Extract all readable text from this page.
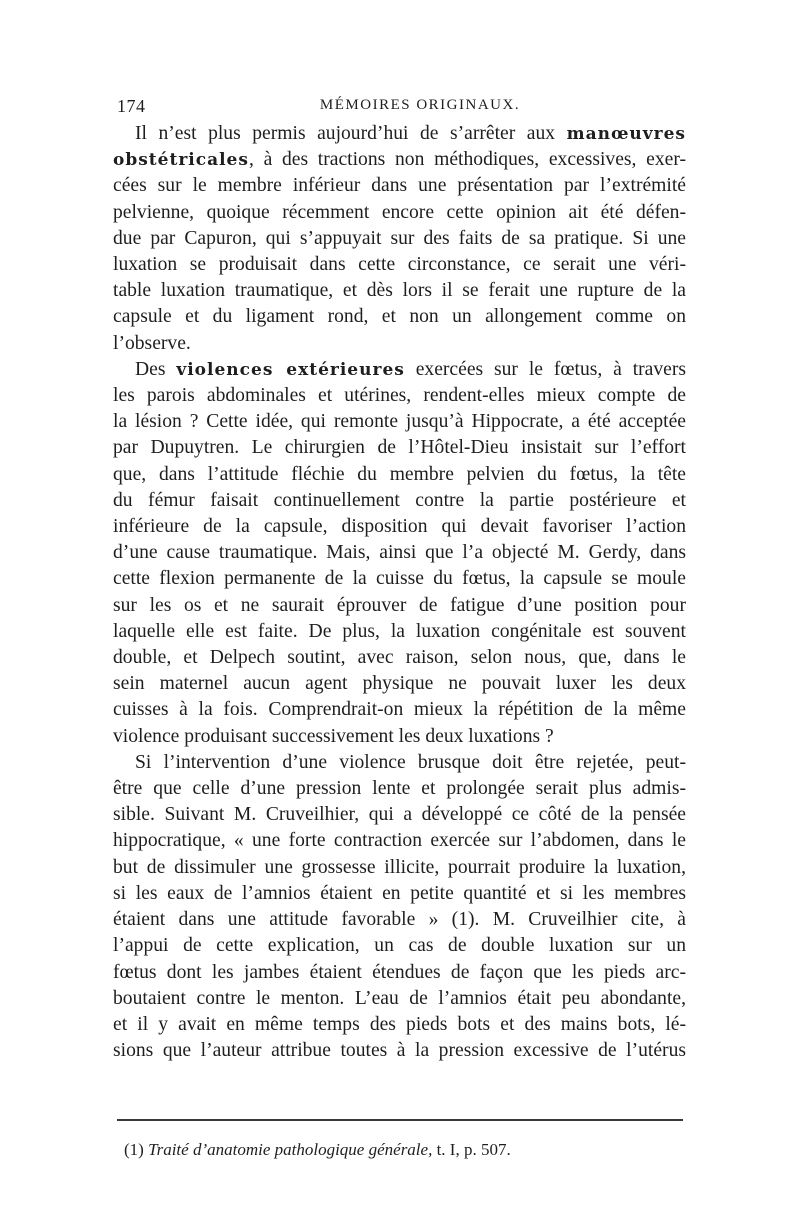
174	MÉMOIRES ORIGINAUX.
Il n’est plus permis aujourd’hui de s’arrêter aux manœuvres
obstétricales, à des tractions non méthodiques, excessives, exer-
cées sur le membre inférieur dans une présentation par l’extrémité
pelvienne, quoique récemment encore cette opinion ait été défen-
due par Capuron, qui s’appuyait sur des faits de sa pratique. Si une
luxation se produisait dans cette circonstance, ce serait une véri-
table luxation traumatique, et dès lors il se ferait une rupture de la
capsule et du ligament rond, et non un allongement comme on
l’observe.
Des violences extérieures exercées sur le fœtus, à travers
les parois abdominales et utérines, rendent-elles mieux compte de
la lésion ? Cette idée, qui remonte jusqu’à Hippocrate, a été acceptée
par Dupuytren. Le chirurgien de l’Hôtel-Dieu insistait sur l’effort
que, dans l’attitude fléchie du membre pelvien du fœtus, la tête
du fémur faisait continuellement contre la partie postérieure et
inférieure de la capsule, disposition qui devait favoriser l’action
d’une cause traumatique. Mais, ainsi que l’a objecté M. Gerdy, dans
cette flexion permanente de la cuisse du fœtus, la capsule se moule
sur les os et ne saurait éprouver de fatigue d’une position pour
laquelle elle est faite. De plus, la luxation congénitale est souvent
double, et Delpech soutint, avec raison, selon nous, que, dans le
sein maternel aucun agent physique ne pouvait luxer les deux
cuisses à la fois. Comprendrait-on mieux la répétition de la même
violence produisant successivement les deux luxations ?
Si l’intervention d’une violence brusque doit être rejetée, peut-
être que celle d’une pression lente et prolongée serait plus admis-
sible. Suivant M. Cruveilhier, qui a développé ce côté de la pensée
hippocratique, « une forte contraction exercée sur l’abdomen, dans le
but de dissimuler une grossesse illicite, pourrait produire la luxation,
si les eaux de l’amnios étaient en petite quantité et si les membres
étaient dans une attitude favorable » (1). M. Cruveilhier cite, à
l’appui de cette explication, un cas de double luxation sur un
fœtus dont les jambes étaient étendues de façon que les pieds arc-
boutaient contre le menton. L’eau de l’amnios était peu abondante,
et il y avait en même temps des pieds bots et des mains bots, lé-
sions que l’auteur attribue toutes à la pression excessive de l’utérus
(1) Traité d’anatomie pathologique générale, t. I, p. 507.
